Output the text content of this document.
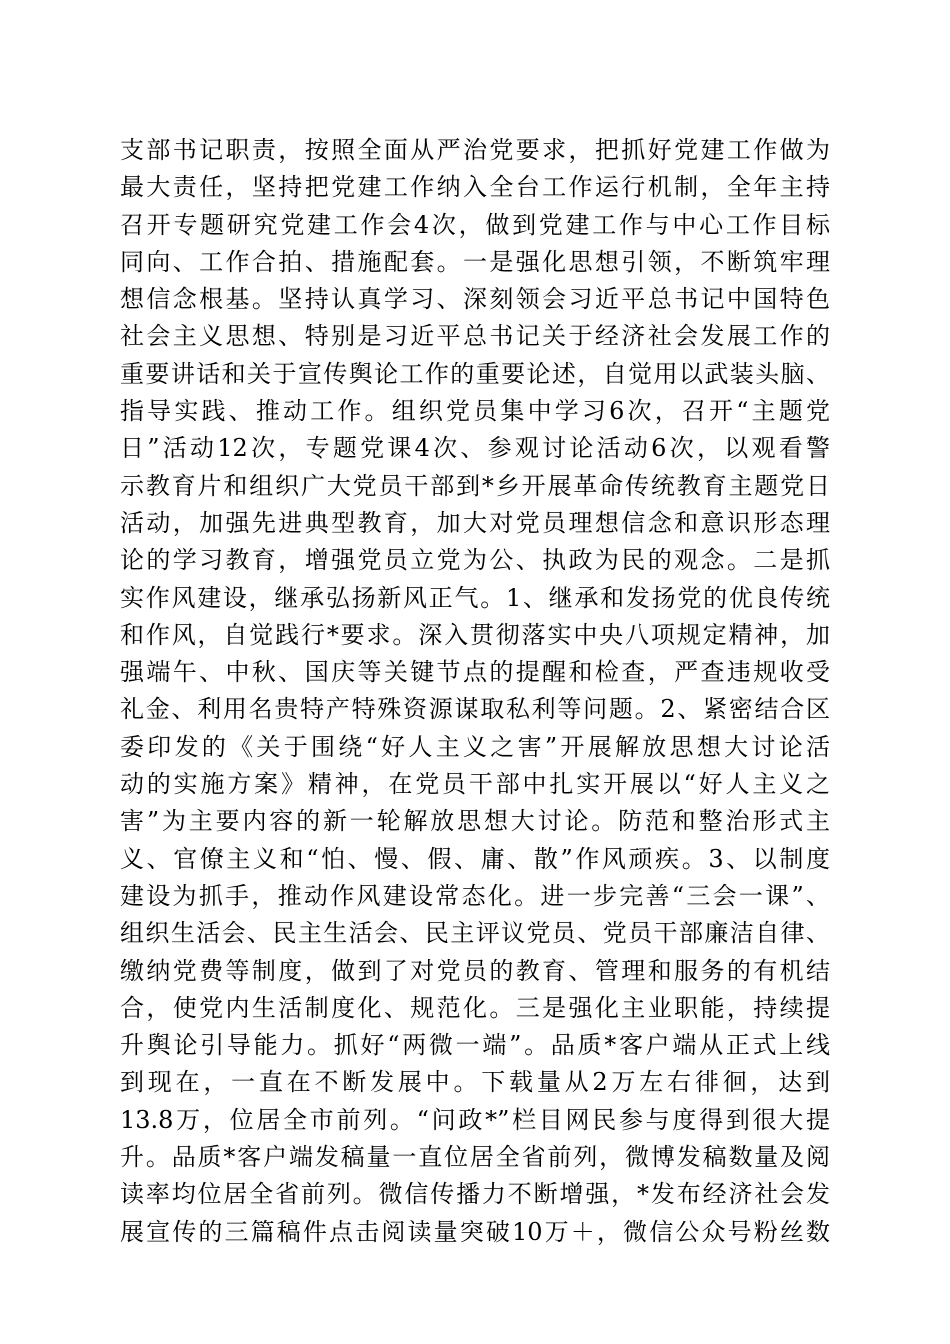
支部书记职责，按照全面从严治党要求，把抓好党建工作做为
最大责任，坚持把党建工作纳入全台工作运行机制，全年主持
召开专题研究党建工作会4次，做到党建工作与中心工作目标
同向、工作合拍、措施配套。一是强化思想引领，不断筑牢理
想信念根基。坚持认真学习、深刻领会习近平总书记中国特色
社会主义思想、特别是习近平总书记关于经济社会发展工作的
重要讲话和关于宣传舆论工作的重要论述，自觉用以武装头脑、
指导实践、推动工作。组织党员集中学习6次，召开“主题党
日”活动12次，专题党课4次、参观讨论活动6次，以观看警
示教育片和组织广大党员干部到*乡开展革命传统教育主题党日
活动，加强先进典型教育，加大对党员理想信念和意识形态理
论的学习教育，增强党员立党为公、执政为民的观念。二是抓
实作风建设，继承弘扬新风正气。1、继承和发扬党的优良传统
和作风，自觉践行*要求。深入贯彻落实中央八项规定精神，加
强端午、中秋、国庆等关键节点的提醒和检查，严查违规收受
礼金、利用名贵特产特殊资源谋取私利等问题。2、紧密结合区
委印发的《关于围绕“好人主义之害”开展解放思想大讨论活
动的实施方案》精神，在党员干部中扎实开展以“好人主义之
害”为主要内容的新一轮解放思想大讨论。防范和整治形式主
义、官僚主义和“怕、慢、假、庸、散”作风顽疾。3、以制度
建设为抓手，推动作风建设常态化。进一步完善“三会一课”、
组织生活会、民主生活会、民主评议党员、党员干部廉洁自律、
缴纳党费等制度，做到了对党员的教育、管理和服务的有机结
合，使党内生活制度化、规范化。三是强化主业职能，持续提
升舆论引导能力。抓好“两微一端”。品质*客户端从正式上线
到现在，一直在不断发展中。下载量从2万左右徘徊，达到
13.8万，位居全市前列。“问政*”栏目网民参与度得到很大提
升。品质*客户端发稿量一直位居全省前列，微博发稿数量及阅
读率均位居全省前列。微信传播力不断增强，*发布经济社会发
展宣传的三篇稿件点击阅读量突破10万＋，微信公众号粉丝数
